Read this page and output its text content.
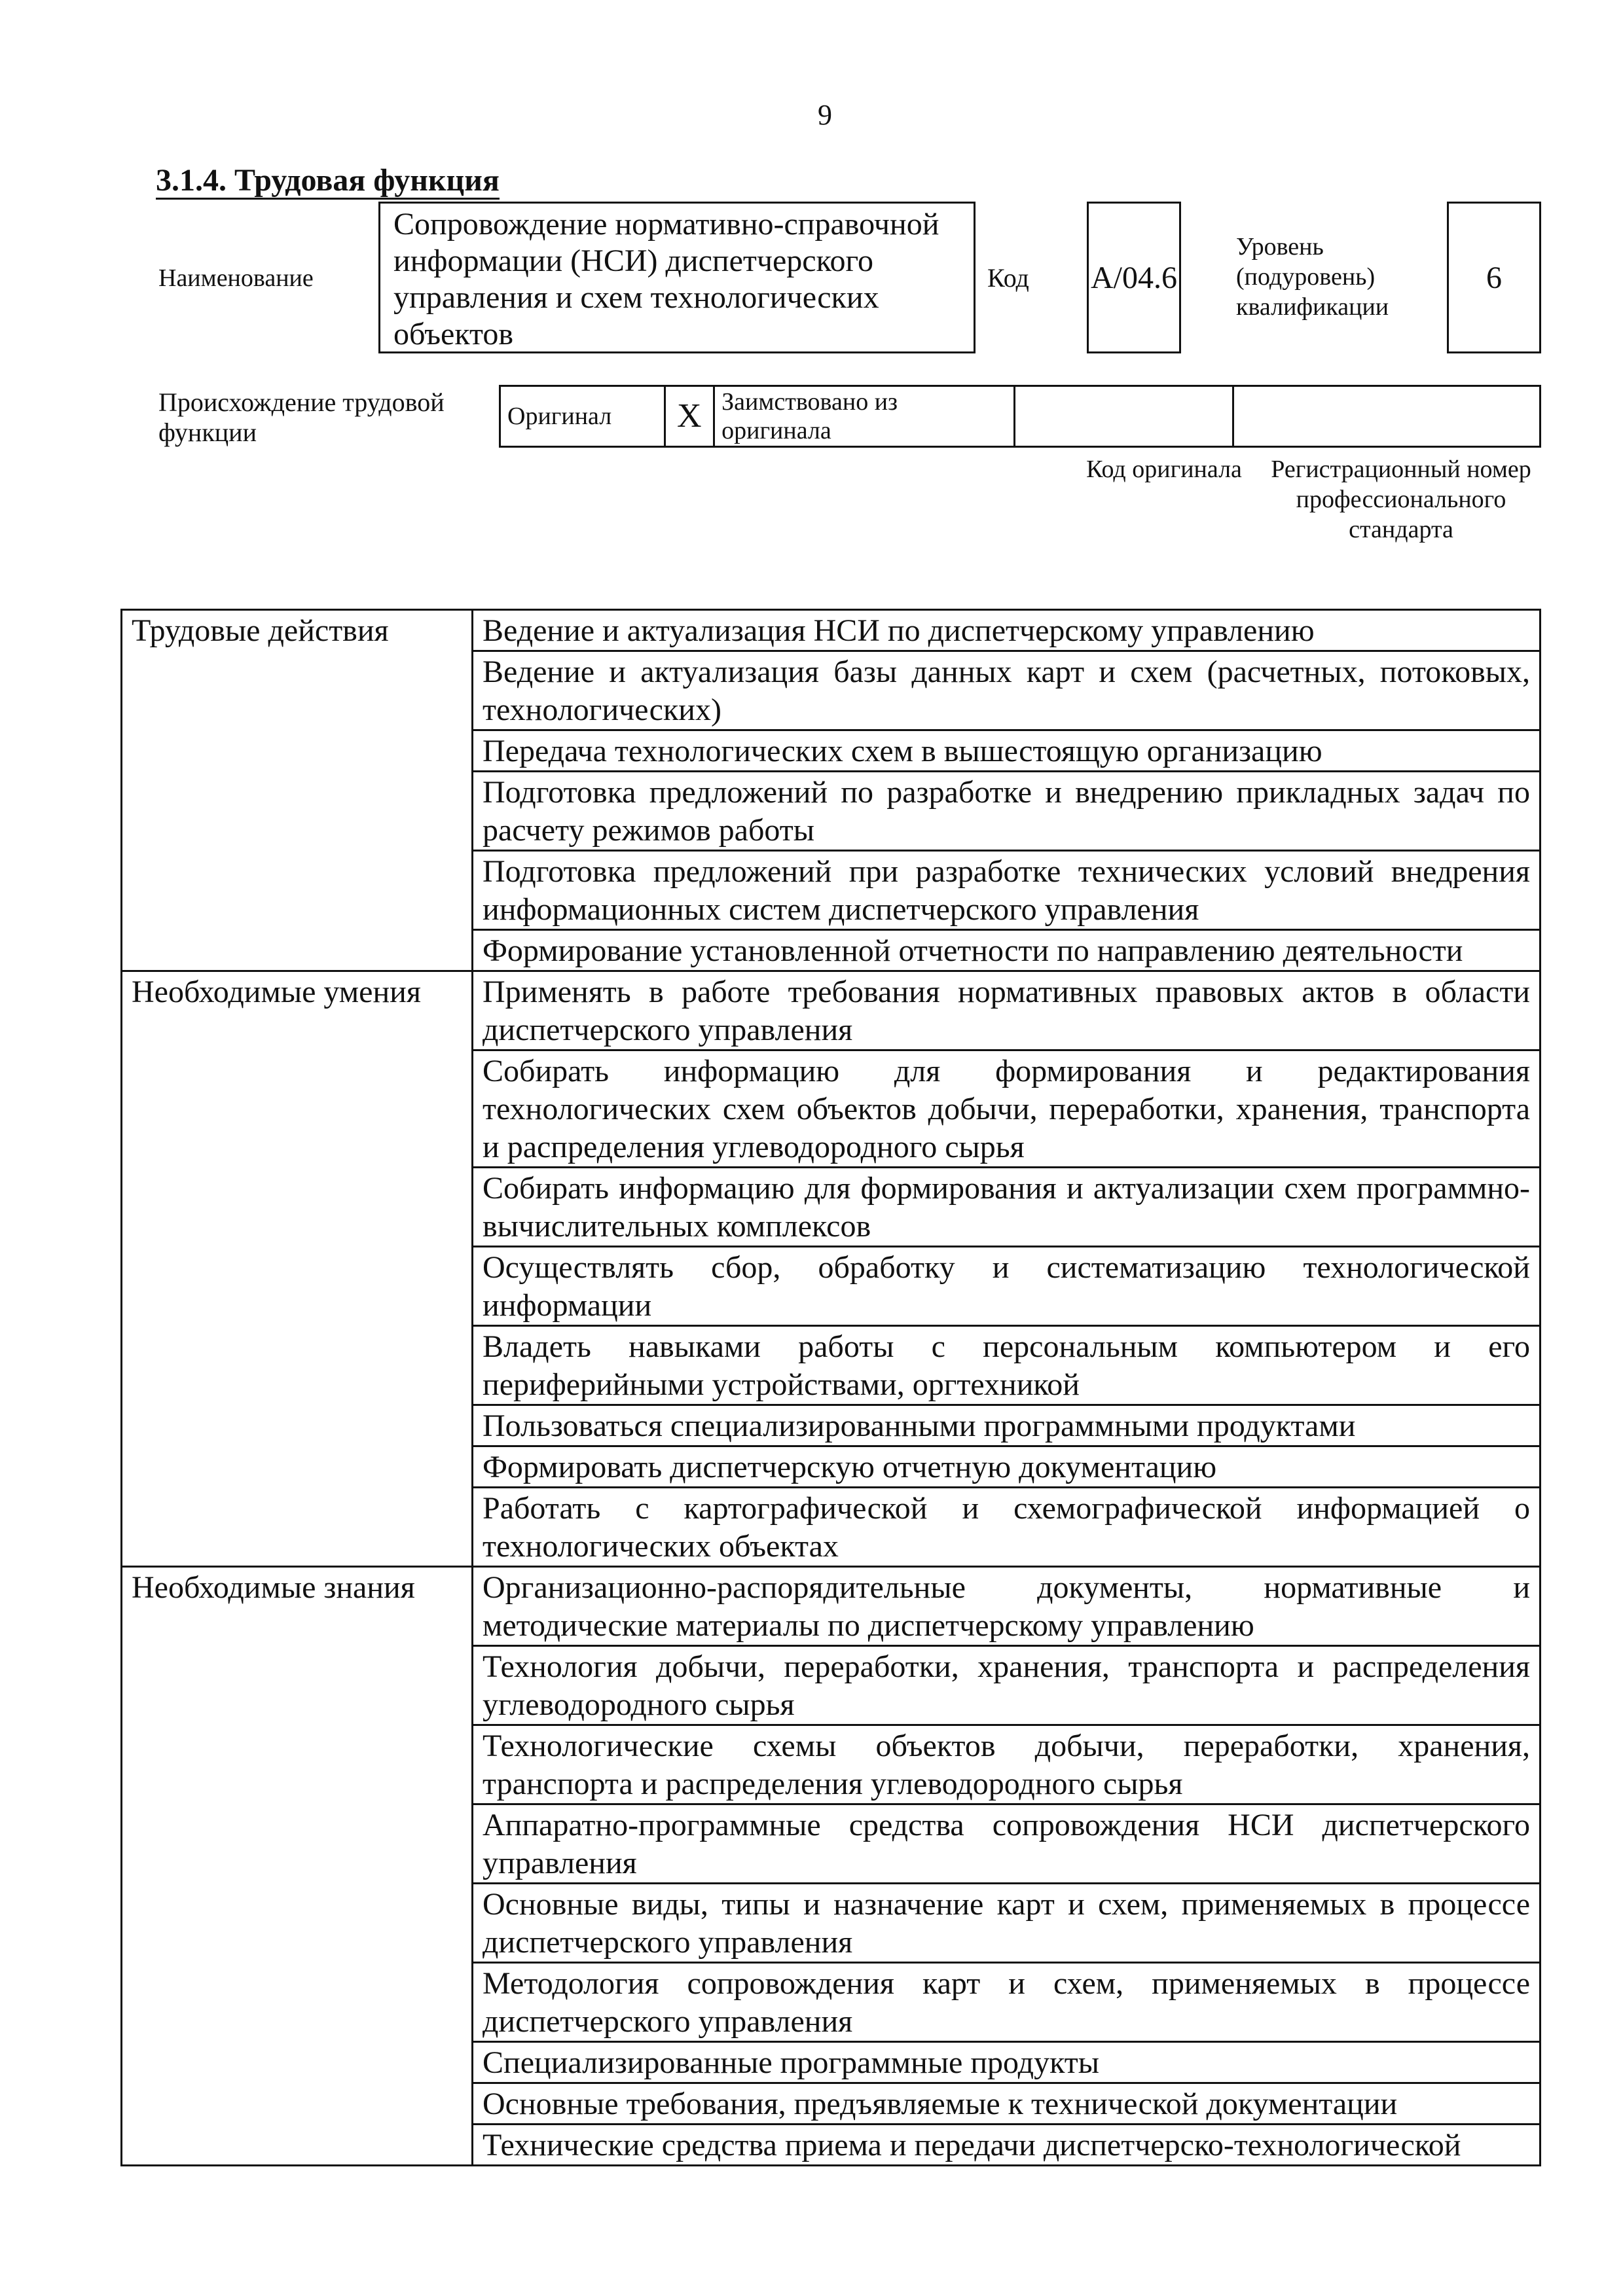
9
3.1.4. Трудовая функция
Наименование
Сопровождение нормативно-справочной информации (НСИ) диспетчерского управления и схем технологических объектов
Код А/04.6
Уровень (подуровень) квалификации
6
Происхождение трудовой функции
Оригинал	X	Заимствовано из оригинала		
Код оригинала	Регистрационный номер профессионального стандарта
Трудовые действия	Ведение и актуализация НСИ по диспетчерскому управлению
	Ведение и актуализация базы данных карт и схем (расчетных, потоковых, технологических)
	Передача технологических схем в вышестоящую организацию
	Подготовка предложений по разработке и внедрению прикладных задач по расчету режимов работы
	Подготовка предложений при разработке технических условий внедрения информационных систем диспетчерского управления
	Формирование установленной отчетности по направлению деятельности
Необходимые умения	Применять в работе требования нормативных правовых актов в области диспетчерского управления
	Собирать информацию для формирования и редактирования технологических схем объектов добычи, переработки, хранения, транспорта и распределения углеводородного сырья
	Собирать информацию для формирования и актуализации схем программно-вычислительных комплексов
	Осуществлять сбор, обработку и систематизацию технологической информации
	Владеть навыками работы с персональным компьютером и его периферийными устройствами, оргтехникой
	Пользоваться специализированными программными продуктами
	Формировать диспетчерскую отчетную документацию
	Работать с картографической и схемографической информацией о технологических объектах
Необходимые знания	Организационно-распорядительные документы, нормативные и методические материалы по диспетчерскому управлению
	Технология добычи, переработки, хранения, транспорта и распределения углеводородного сырья
	Технологические схемы объектов добычи, переработки, хранения, транспорта и распределения углеводородного сырья
	Аппаратно-программные средства сопровождения НСИ диспетчерского управления
	Основные виды, типы и назначение карт и схем, применяемых в процессе диспетчерского управления
	Методология сопровождения карт и схем, применяемых в процессе диспетчерского управления
	Специализированные программные продукты
	Основные требования, предъявляемые к технической документации
	Технические средства приема и передачи диспетчерско-технологической
